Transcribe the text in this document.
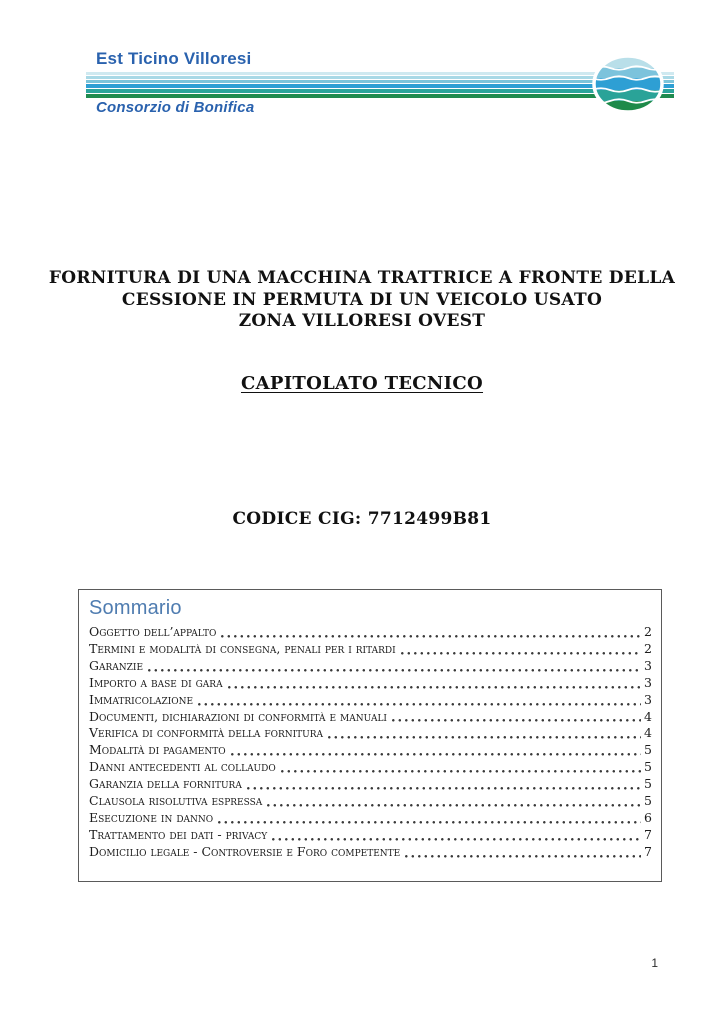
Est Ticino Villoresi
Consorzio di Bonifica
FORNITURA DI UNA MACCHINA TRATTRICE A FRONTE DELLA
CESSIONE IN PERMUTA DI UN VEICOLO USATO
ZONA VILLORESI OVEST
CAPITOLATO TECNICO
CODICE CIG: 7712499B81
Sommario
Oggetto dell’appalto	2
Termini e modalità di consegna, penali per i ritardi	2
Garanzie	3
Importo a base di gara	3
Immatricolazione	3
Documenti, dichiarazioni di conformità e manuali	4
Verifica di conformità della fornitura	4
Modalità di pagamento	5
Danni antecedenti al collaudo	5
Garanzia della fornitura	5
Clausola risolutiva espressa	5
Esecuzione in danno	6
Trattamento dei dati - privacy	7
Domicilio legale - Controversie e Foro competente	7
1
